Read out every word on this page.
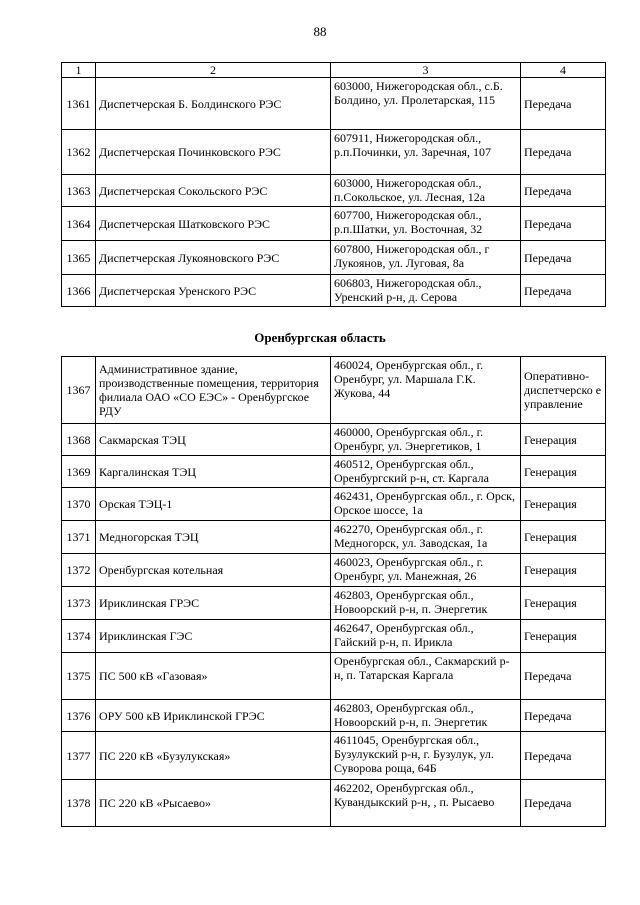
88
1	2	3	4
1361	Диспетчерская Б. Болдинского РЭС	603000, Нижегородская обл., с.Б. Болдино, ул. Пролетарская, 115	Передача
1362	Диспетчерская Починковского РЭС	607911, Нижегородская обл., р.п.Починки, ул. Заречная, 107	Передача
1363	Диспетчерская Сокольского РЭС	603000, Нижегородская обл., п.Сокольское, ул. Лесная, 12а	Передача
1364	Диспетчерская Шатковского РЭС	607700, Нижегородская обл., р.п.Шатки, ул. Восточная, 32	Передача
1365	Диспетчерская Лукояновского РЭС	607800, Нижегородская обл., г Лукоянов, ул. Луговая, 8а	Передача
1366	Диспетчерская Уренского РЭС	606803, Нижегородская обл., Уренский р-н, д. Серова	Передача
Оренбургская область
1367	Административное здание, производственные помещения, территория филиала ОАО «СО ЕЭС» - Оренбургское РДУ	460024, Оренбургская обл., г. Оренбург, ул. Маршала Г.К. Жукова, 44	Оперативно-диспетчерско е управление
1368	Сакмарская ТЭЦ	460000, Оренбургская обл., г. Оренбург, ул. Энергетиков, 1	Генерация
1369	Каргалинская ТЭЦ	460512, Оренбургская обл., Оренбургский р-н, ст. Каргала	Генерация
1370	Орская ТЭЦ-1	462431, Оренбургская обл., г. Орск, Орское шоссе, 1а	Генерация
1371	Медногорская ТЭЦ	462270, Оренбургская обл., г. Медногорск, ул. Заводская, 1а	Генерация
1372	Оренбургская котельная	460023, Оренбургская обл., г. Оренбург, ул. Манежная, 26	Генерация
1373	Ириклинская ГРЭС	462803, Оренбургская обл., Новоорский р-н, п. Энергетик	Генерация
1374	Ириклинская ГЭС	462647, Оренбургская обл., Гайский р-н, п. Ирикла	Генерация
1375	ПС 500 кВ «Газовая»	Оренбургская обл., Сакмарский р-н, п. Татарская Каргала	Передача
1376	ОРУ 500 кВ Ириклинской ГРЭС	462803, Оренбургская обл., Новоорский р-н, п. Энергетик	Передача
1377	ПС 220 кВ «Бузулукская»	4611045, Оренбургская обл., Бузулукский р-н, г. Бузулук, ул. Суворова роща, 64Б	Передача
1378	ПС 220 кВ «Рысаево»	462202, Оренбургская обл., Кувандыкский р-н, , п. Рысаево	Передача
